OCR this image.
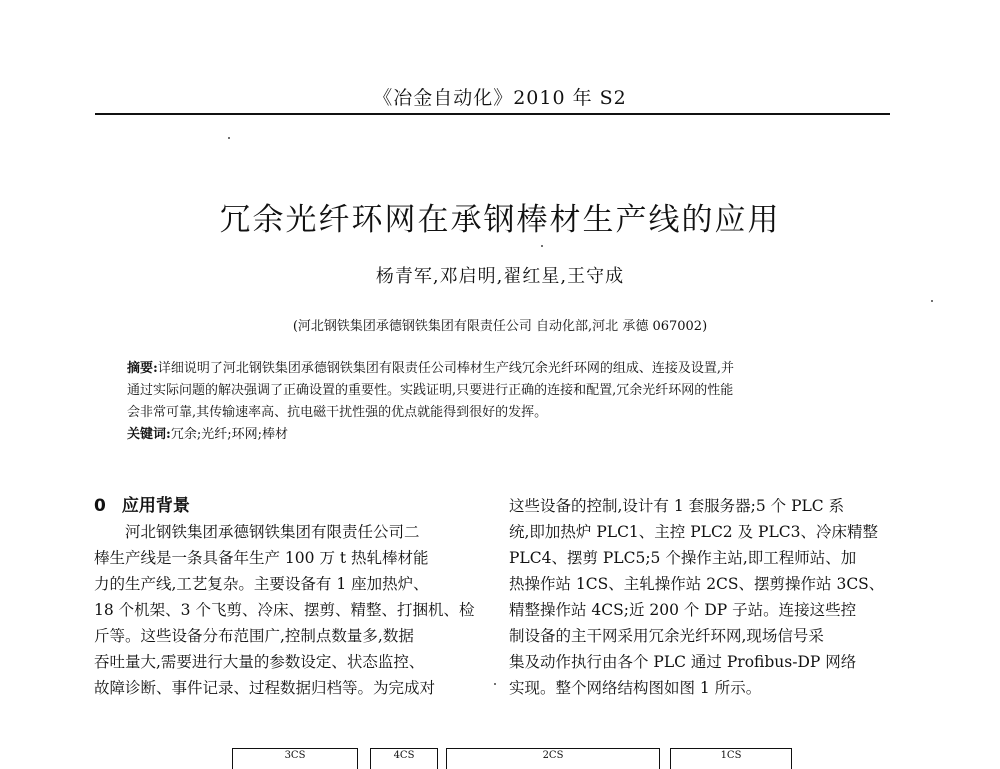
《冶金自动化》2010 年 S2
冗余光纤环网在承钢棒材生产线的应用
杨青军,邓启明,翟红星,王守成
(河北钢铁集团承德钢铁集团有限责任公司 自动化部,河北 承德 067002)
摘要:详细说明了河北钢铁集团承德钢铁集团有限责任公司棒材生产线冗余光纤环网的组成、连接及设置,并
通过实际问题的解决强调了正确设置的重要性。实践证明,只要进行正确的连接和配置,冗余光纤环网的性能
会非常可靠,其传输速率高、抗电磁干扰性强的优点就能得到很好的发挥。
关键词:冗余;光纤;环网;棒材
0 应用背景
　　河北钢铁集团承德钢铁集团有限责任公司二
棒生产线是一条具备年生产 100 万 t 热轧棒材能
力的生产线,工艺复杂。主要设备有 1 座加热炉、
18 个机架、3 个飞剪、冷床、摆剪、精整、打捆机、检
斤等。这些设备分布范围广,控制点数量多,数据
吞吐量大,需要进行大量的参数设定、状态监控、
故障诊断、事件记录、过程数据归档等。为完成对
这些设备的控制,设计有 1 套服务器;5 个 PLC 系
统,即加热炉 PLC1、主控 PLC2 及 PLC3、冷床精整
PLC4、摆剪 PLC5;5 个操作主站,即工程师站、加
热操作站 1CS、主轧操作站 2CS、摆剪操作站 3CS、
精整操作站 4CS;近 200 个 DP 子站。连接这些控
制设备的主干网采用冗余光纤环网,现场信号采
集及动作执行由各个 PLC 通过 Profibus-DP 网络
实现。整个网络结构图如图 1 所示。
3CS	4CS	2CS	1CS
